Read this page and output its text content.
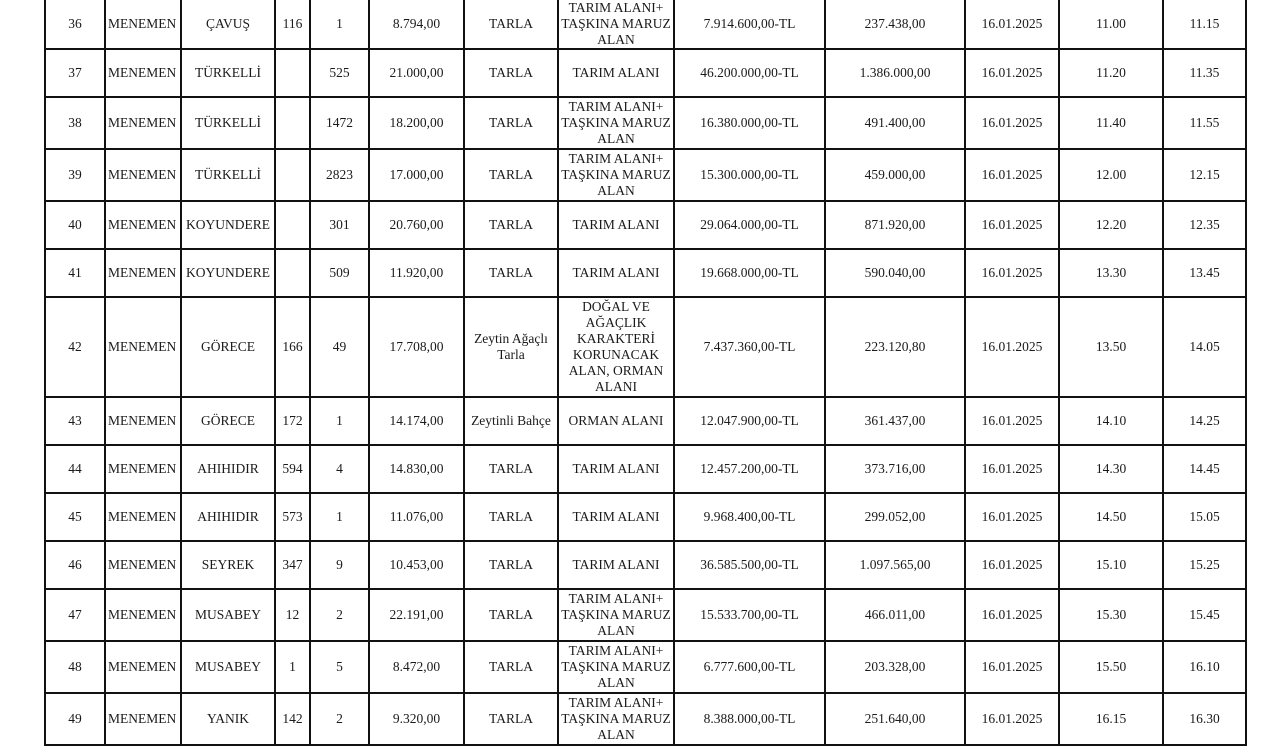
36	MENEMEN	ÇAVUŞ	116	1	8.794,00	TARLA	TARIM ALANI+ TAŞKINA MARUZ ALAN	7.914.600,00-TL	237.438,00	16.01.2025	11.00	11.15
37	MENEMEN	TÜRKELLİ		525	21.000,00	TARLA	TARIM ALANI	46.200.000,00-TL	1.386.000,00	16.01.2025	11.20	11.35
38	MENEMEN	TÜRKELLİ		1472	18.200,00	TARLA	TARIM ALANI+ TAŞKINA MARUZ ALAN	16.380.000,00-TL	491.400,00	16.01.2025	11.40	11.55
39	MENEMEN	TÜRKELLİ		2823	17.000,00	TARLA	TARIM ALANI+ TAŞKINA MARUZ ALAN	15.300.000,00-TL	459.000,00	16.01.2025	12.00	12.15
40	MENEMEN	KOYUNDERE		301	20.760,00	TARLA	TARIM ALANI	29.064.000,00-TL	871.920,00	16.01.2025	12.20	12.35
41	MENEMEN	KOYUNDERE		509	11.920,00	TARLA	TARIM ALANI	19.668.000,00-TL	590.040,00	16.01.2025	13.30	13.45
42	MENEMEN	GÖRECE	166	49	17.708,00	Zeytin Ağaçlı Tarla	DOĞAL VE AĞAÇLIK KARAKTERİ KORUNACAK ALAN, ORMAN ALANI	7.437.360,00-TL	223.120,80	16.01.2025	13.50	14.05
43	MENEMEN	GÖRECE	172	1	14.174,00	Zeytinli Bahçe	ORMAN ALANI	12.047.900,00-TL	361.437,00	16.01.2025	14.10	14.25
44	MENEMEN	AHIHIDIR	594	4	14.830,00	TARLA	TARIM ALANI	12.457.200,00-TL	373.716,00	16.01.2025	14.30	14.45
45	MENEMEN	AHIHIDIR	573	1	11.076,00	TARLA	TARIM ALANI	9.968.400,00-TL	299.052,00	16.01.2025	14.50	15.05
46	MENEMEN	SEYREK	347	9	10.453,00	TARLA	TARIM ALANI	36.585.500,00-TL	1.097.565,00	16.01.2025	15.10	15.25
47	MENEMEN	MUSABEY	12	2	22.191,00	TARLA	TARIM ALANI+ TAŞKINA MARUZ ALAN	15.533.700,00-TL	466.011,00	16.01.2025	15.30	15.45
48	MENEMEN	MUSABEY	1	5	8.472,00	TARLA	TARIM ALANI+ TAŞKINA MARUZ ALAN	6.777.600,00-TL	203.328,00	16.01.2025	15.50	16.10
49	MENEMEN	YANIK	142	2	9.320,00	TARLA	TARIM ALANI+ TAŞKINA MARUZ ALAN	8.388.000,00-TL	251.640,00	16.01.2025	16.15	16.30
